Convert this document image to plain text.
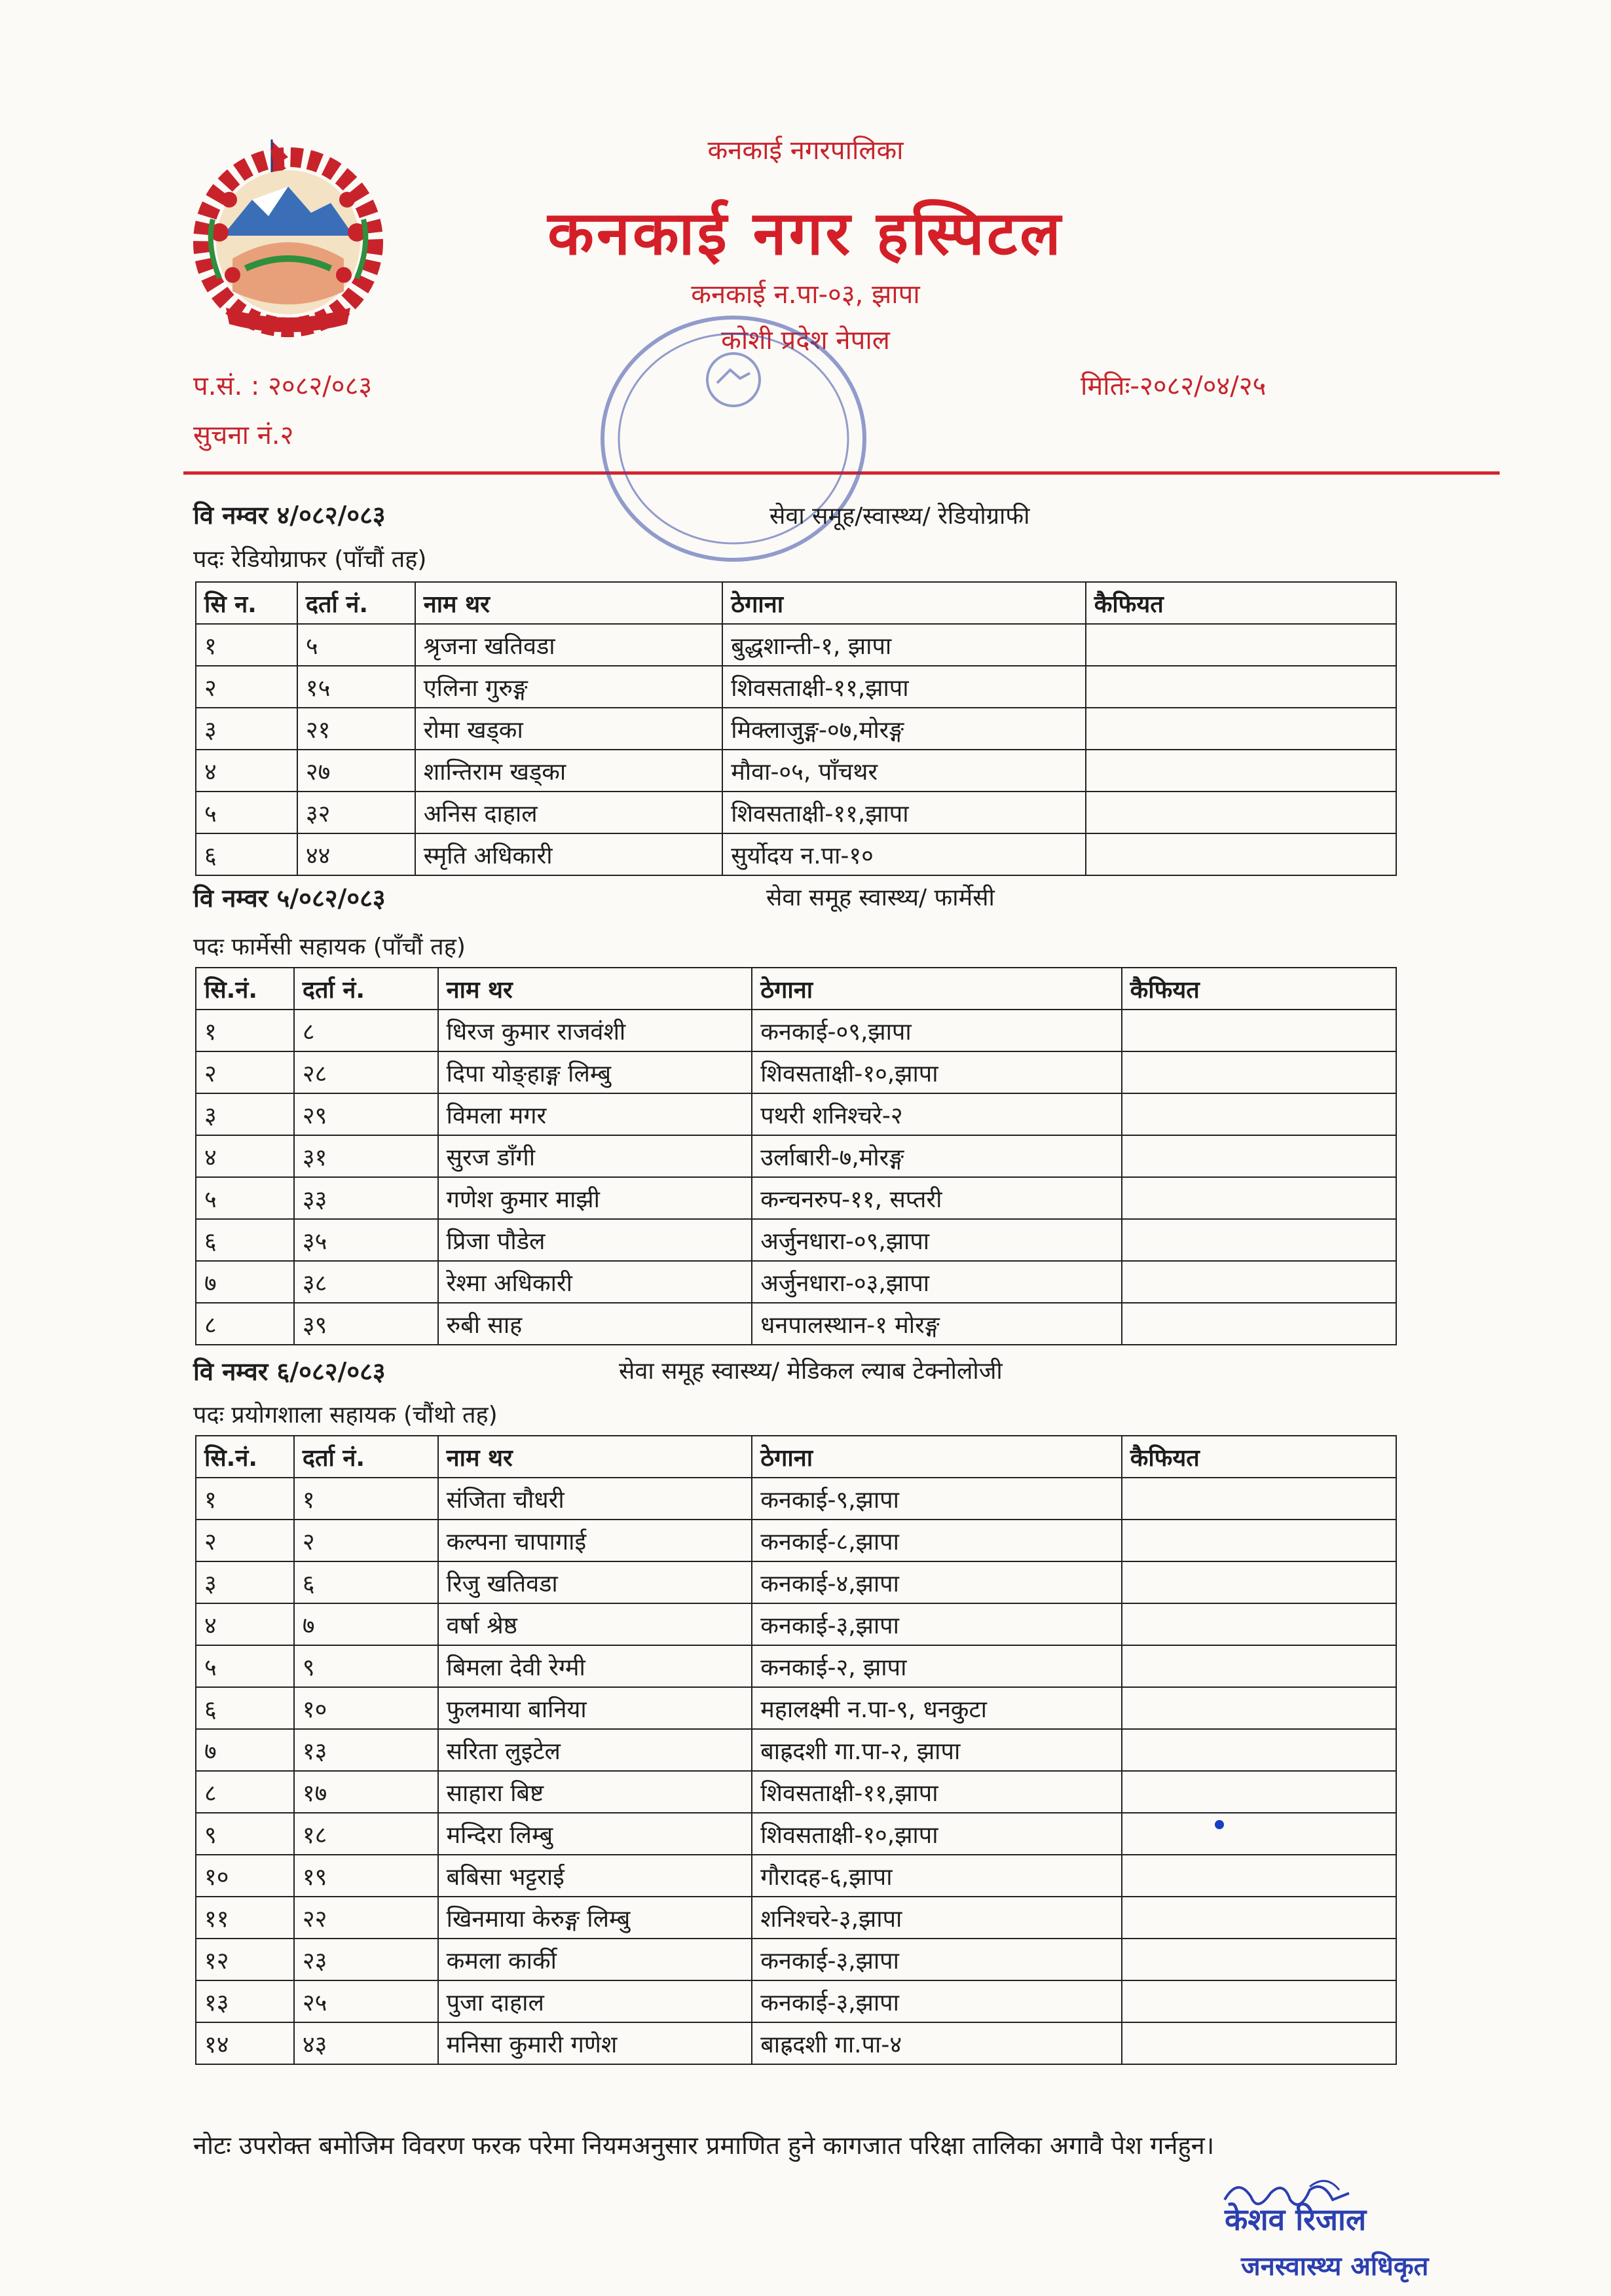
कनकाई नगरपालिका
कनकाई नगर हस्पिटल
कनकाई न.पा-०३, झापा
कोशी प्रदेश नेपाल
प.सं. : २०८२/०८३
सुचना नं.२
मितिः-२०८२/०४/२५
वि नम्वर ४/०८२/०८३	सेवा समूह/स्वास्थ्य/ रेडियोग्राफी
पदः रेडियोग्राफर (पाँचौं तह)
सि न.	दर्ता नं.	नाम थर	ठेगाना	कैफियत
१	५	श्रृजना खतिवडा	बुद्धशान्ती-१, झापा	
२	१५	एलिना गुरुङ्ग	शिवसताक्षी-११,झापा	
३	२१	रोमा खड्का	मिक्लाजुङ्ग-०७,मोरङ्ग	
४	२७	शान्तिराम खड्का	मौवा-०५, पाँचथर	
५	३२	अनिस दाहाल	शिवसताक्षी-११,झापा	
६	४४	स्मृति अधिकारी	सुर्योदय न.पा-१०	
वि नम्वर ५/०८२/०८३	सेवा समूह स्वास्थ्य/ फार्मेसी
पदः फार्मेसी सहायक (पाँचौं तह)
सि.नं.	दर्ता नं.	नाम थर	ठेगाना	कैफियत
१	८	धिरज कुमार राजवंशी	कनकाई-०९,झापा	
२	२८	दिपा योङ्हाङ्ग लिम्बु	शिवसताक्षी-१०,झापा	
३	२९	विमला मगर	पथरी शनिश्चरे-२	
४	३१	सुरज डाँगी	उर्लाबारी-७,मोरङ्ग	
५	३३	गणेश कुमार माझी	कन्चनरुप-११, सप्तरी	
६	३५	प्रिजा पौडेल	अर्जुनधारा-०९,झापा	
७	३८	रेश्मा अधिकारी	अर्जुनधारा-०३,झापा	
८	३९	रुबी साह	धनपालस्थान-१ मोरङ्ग	
वि नम्वर ६/०८२/०८३	सेवा समूह स्वास्थ्य/ मेडिकल ल्याब टेक्नोलोजी
पदः प्रयोगशाला सहायक (चौंथो तह)
सि.नं.	दर्ता नं.	नाम थर	ठेगाना	कैफियत
१	१	संजिता चौधरी	कनकाई-९,झापा	
२	२	कल्पना चापागाई	कनकाई-८,झापा	
३	६	रिजु खतिवडा	कनकाई-४,झापा	
४	७	वर्षा श्रेष्ठ	कनकाई-३,झापा	
५	९	बिमला देवी रेग्मी	कनकाई-२, झापा	
६	१०	फुलमाया बानिया	महालक्ष्मी न.पा-९, धनकुटा	
७	१३	सरिता लुइटेल	बाह्रदशी गा.पा-२, झापा	
८	१७	साहारा बिष्ट	शिवसताक्षी-११,झापा	
९	१८	मन्दिरा लिम्बु	शिवसताक्षी-१०,झापा	
१०	१९	बबिसा भट्टराई	गौरादह-६,झापा	
११	२२	खिनमाया केरुङ्ग लिम्बु	शनिश्चरे-३,झापा	
१२	२३	कमला कार्की	कनकाई-३,झापा	
१३	२५	पुजा दाहाल	कनकाई-३,झापा	
१४	४३	मनिसा कुमारी गणेश	बाह्रदशी गा.पा-४	
नोटः उपरोक्त बमोजिम विवरण फरक परेमा नियमअनुसार प्रमाणित हुने कागजात परिक्षा तालिका अगावै पेश गर्नहुन।
केशव रिजाल
जनस्वास्थ्य अधिकृत
